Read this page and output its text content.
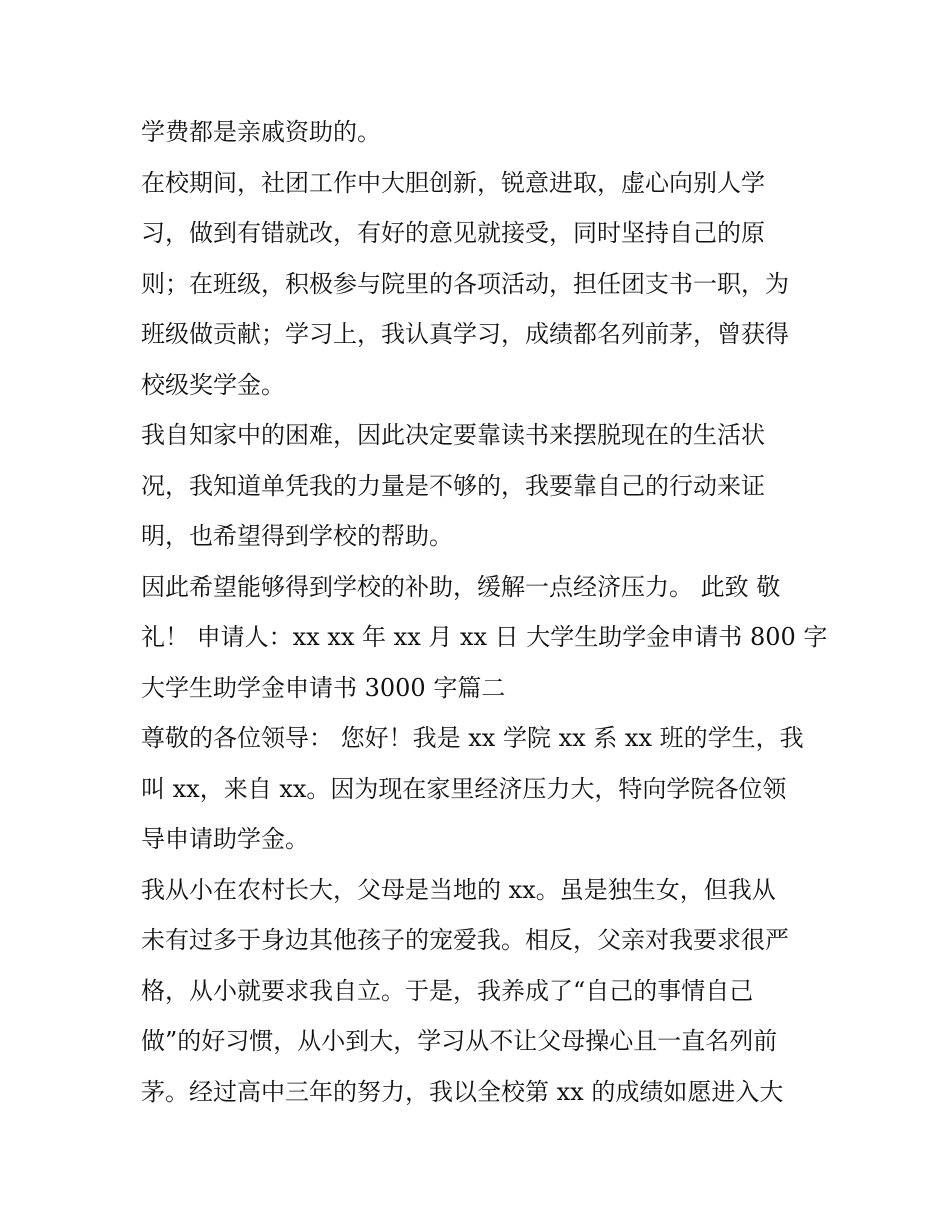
学费都是亲戚资助的。
在校期间，社团工作中大胆创新，锐意进取，虚心向别人学
习，做到有错就改，有好的意见就接受，同时坚持自己的原
则；在班级，积极参与院里的各项活动，担任团支书一职，为
班级做贡献；学习上，我认真学习，成绩都名列前茅，曾获得
校级奖学金。
我自知家中的困难，因此决定要靠读书来摆脱现在的生活状
况，我知道单凭我的力量是不够的，我要靠自己的行动来证
明，也希望得到学校的帮助。
因此希望能够得到学校的补助，缓解一点经济压力。 此致 敬
礼！ 申请人：xx xx 年 xx 月 xx 日 大学生助学金申请书 800 字
大学生助学金申请书 3000 字篇二
尊敬的各位领导： 您好！我是 xx 学院 xx 系 xx 班的学生，我
叫 xx，来自 xx。因为现在家里经济压力大，特向学院各位领
导申请助学金。
我从小在农村长大，父母是当地的 xx。虽是独生女，但我从
未有过多于身边其他孩子的宠爱我。相反，父亲对我要求很严
格，从小就要求我自立。于是，我养成了“自己的事情自己
做”的好习惯，从小到大，学习从不让父母操心且一直名列前
茅。经过高中三年的努力，我以全校第 xx 的成绩如愿进入大
